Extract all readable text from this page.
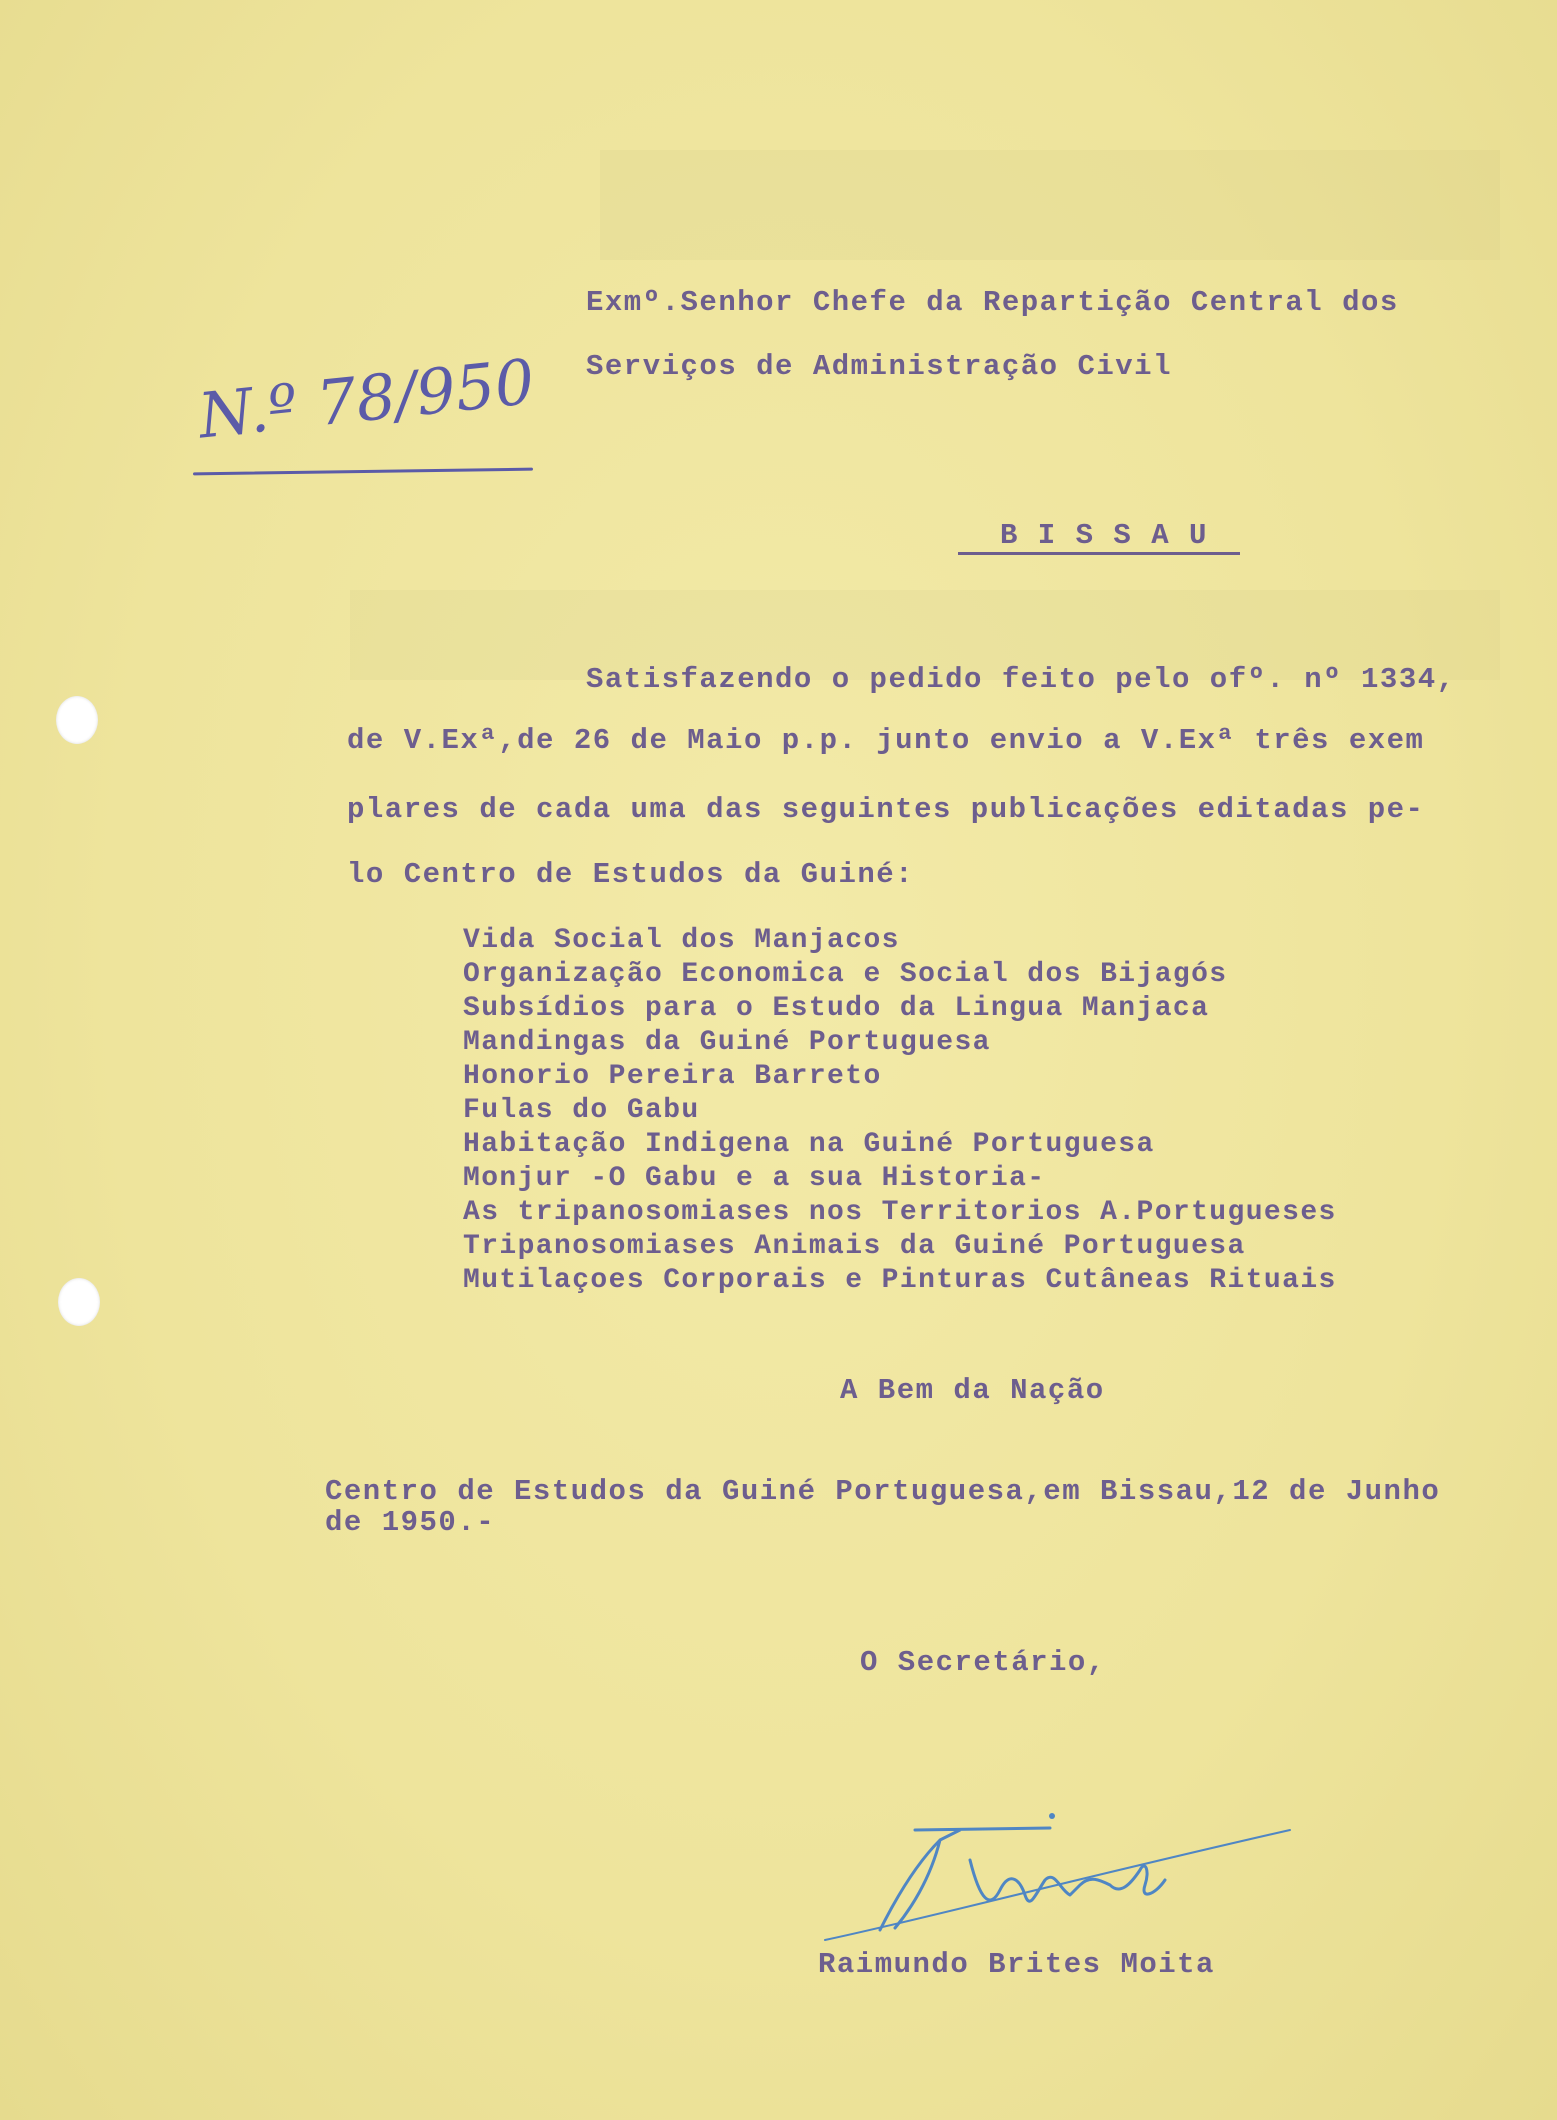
N.º 78/950
Exmº.Senhor Chefe da Repartição Central dos
Serviços de Administração Civil
B I S S A U
Satisfazendo o pedido feito pelo ofº. nº 1334,
de V.Exª,de 26 de Maio p.p. junto envio a V.Exª três exem
plares de cada uma das seguintes publicações editadas pe-
lo Centro de Estudos da Guiné:
Vida Social dos Manjacos
Organização Economica e Social dos Bijagós
Subsídios para o Estudo da Lingua Manjaca
Mandingas da Guiné Portuguesa
Honorio Pereira Barreto
Fulas do Gabu
Habitação Indigena na Guiné Portuguesa
Monjur -O Gabu e a sua Historia-
As tripanosomiases nos Territorios A.Portugueses
Tripanosomiases Animais da Guiné Portuguesa
Mutilaçoes Corporais e Pinturas Cutâneas Rituais
A Bem da Nação
Centro de Estudos da Guiné Portuguesa,em Bissau,12 de Junho
de 1950.-
O Secretário,
Raimundo Brites Moita
